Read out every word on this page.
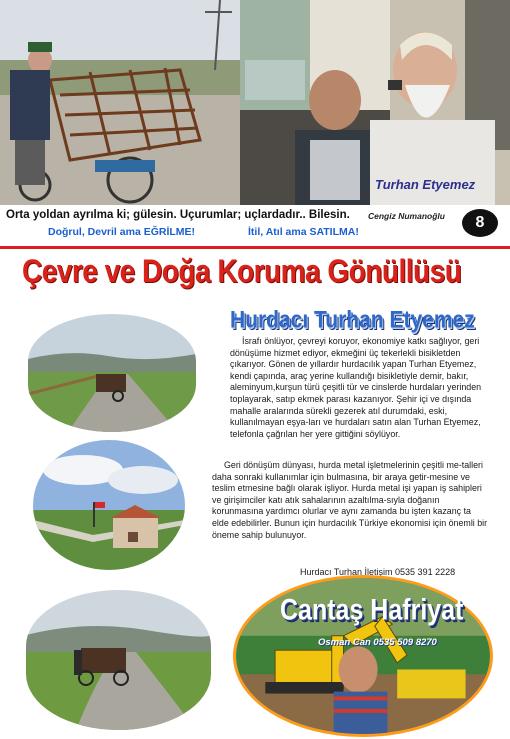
Turhan Etyemez
Orta yoldan ayrılma ki; gülesin. Uçurumlar; uçlardadır.. Bilesin. Cengiz Numanoğlu
Doğrul, Devril ama EĞRİLME!	İtil, Atıl ama SATILMA!
8
Çevre ve Doğa Koruma Gönüllüsü
Hurdacı Turhan Etyemez

İsrafı önlüyor, çevreyi koruyor, ekonomiye katkı sağlıyor, geri dönüşüme hizmet ediyor, ekmeğini üç tekerlekli bisikletden çıkarıyor. Gönen de yıllardır hurdacılık yapan Turhan Etyemez, kendi çapında, araç yerine kullandığı bisikletiyle demir, bakır, aleminyum,kurşun türü çeşitli tür ve cinslerde hurdaları yerinden toplayarak, satıp ekmek parası kazanıyor. Şehir içi ve dışında mahalle aralarında sürekli gezerek atıl durumdaki, eski, kullanılmayan eşya-ları ve hurdaları satın alan Turhan Etyemez, telefonla çağrılan her yere gittiğini söylüyor.

Geri dönüşüm dünyası, hurda metal işletmelerinin çeşitli me-talleri daha sonraki kullanımlar için bulmasına, bir araya getir-mesine ve teslim etmesine bağlı olarak işliyor. Hurda metal işi yapan iş sahipleri ve girişimciler katı atık sahalarının azaltılma-sıyla doğanın korunmasına yardımcı olurlar ve aynı zamanda bu işten kazanç ta elde edebilirler. Bunun için hurdacılık Türkiye ekonomisi için önemli bir öneme sahip bulunuyor.

Hurdacı Turhan İletişim 0535 391 2228
Cantaş Hafriyat
Osman Can 0535 509 8270
